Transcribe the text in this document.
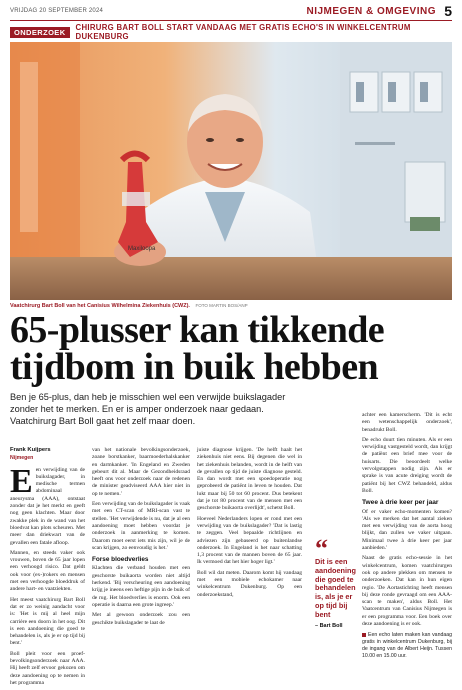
VRIJDAG 20 SEPTEMBER 2024	NIJMEGEN & OMGEVING 5
ONDERZOEK	CHIRURG BART BOLL START VANDAAG MET GRATIS ECHO'S IN WINKELCENTRUM DUKENBURG
Maxiloopa
Vaatchirurg Bart Boll van het Canisius Wilhelmina Ziekenhuis (CWZ). FOTO MARTIN BOS/ANP
65-plusser kan tikkende tijdbom in buik hebben
Ben je 65-plus, dan heb je misschien wel een verwijde buikslagader zonder het te merken. En er is amper onderzoek naar gedaan. Vaatchirurg Bart Boll gaat het zelf maar doen.
Frank Kuijpers
Nijmegen

Een verwijding van de buikslagader, in medische termen abdominaal aneurysma (AAA), ontstaat zonder dat je het merkt en geeft nog geen klachten. Maar door zwakke plek in de wand van het bloedvat kan plots scheuren. Met meer dan driekwart van de gevallen een fatale afloop.

Mannen, en steeds vaker ook vrouwen, boven de 65 jaar lopen een verhoogd risico. Dat geldt ook voor (ex-)rokers en mensen met een verhoogde bloeddruk of andere hart- en vaatziekten.

Het meest vaatchirurg Bart Boll dat er zo weinig aandacht voor is: 'Het is mij al heel mijn carrière een doorn in het oog. Dit is een aandoening die goed te behandelen is, als je er op tijd bij bent.'

Boll pleit voor een proef-bevolkingsonderzoek naar AAA. Hij heeft zelf ervoor gekozen om deze aandoening op te nemen in het programma

van het nationale bevolkingsonderzoek, zoane borstkanker, baarmoederhalskanker en darmkanker. 'In Engeland en Zweden gebeurt dit al. Maar de Gezondheidsraad heeft ons voor onderzoek naar de redenen de minister geadviseerd AAA hier niet in op te nemen.'

Een verwijding van de buikslagader is vaak met een CT-scan of MRI-scan vast te stellen. 'Het verwijdende is nu, dat je al een aandoening moet hebben voordat je onderzoek in aanmerking te komen. Daarom moet eerst iets mis zijn, wil je de scan krijgen, zo eenvoudig is het.'

Forse bloedverlies

Klachten die verband houden met een geschorste buikaorta worden niet altijd herkend. 'Bij verscheuring een aandoening krijg je ineens een heftige pijn in de buik of de rug. Het bloedverlies is enorm. Ook een operatie is daarna een grote ingreep.'

Met al gewoon onderzoek zou een geschikte buikslagader te laat de

juiste diagnose krijgen. 'De helft haalt het ziekenhuis niet eens. Bij degenen die wel in het ziekenhuis belanden, wordt in de helft van de gevallen op tijd de juiste diagnose gesteld. En dan wordt met een spoedoperatie nog geprobeerd de patiënt in leven te houden. Dat lukt maar bij 50 tot 60 procent. Dus betekent dat je tot 80 procent van de mensen met een geschorste buikaorta overlijdt', schetst Boll.

Hoeveel Nederlanders lopen er rond met een verwijding van de buikslagader? 'Dat is lastig te zeggen. Veel bepaalde richtlijnen en adviezen zijn gebaseerd op buitenlandse onderzoek. In Engeland is het naar schatting 1,3 procent van de mannen boven de 65 jaar. Ik vermoed dat het hier hoger ligt.'

Boll wil dat meten. Daarom komt hij vandaag met een mobiele echokamer naar winkelcentrum Dukenburg. Op een onderzoekstand,

“
Dit is een aandoening die goed te behandelen is, als je er op tijd bij bent
– Bart Boll

achter een kamerscherm. 'Dit is echt een wetenschappelijk onderzoek', benadrukt Boll.

De echo duurt tien minuten. Als er een verwijding vastgesteld wordt, dan krijgt de patiënt een brief mee voor de huisarts. Die beoordeelt welke vervolgstappen nodig zijn. Als er sprake is van acute dreiging wordt de patiënt bij het CWZ behandeld, aldus Boll.

Twee à drie keer per jaar

Of er vaker echo-momenten komen? 'Als we merken dat het aantal zieken met een verwijding van de aorta hoog blijkt, dan zullen we vaker uitgaan. Minimaal twee à drie keer per jaar aanbieden.'

Naast de gratis echo-sessie in het winkelcentrum, komen vaatchirurgen ook op andere plekken om mensen te onderzoeken. Dat kan in hun eigen regio. 'De Aortastichting heeft mensen bij deze ronde gevraagd om een AAA-scan te maken', aldus Boll. Het Vaatcentrum van Canisius Nijmegen is er een programma voor. Een boek over deze aandoening is er ook.

Een echo laten maken kan vandaag gratis in winkelcentrum Dukenburg, bij de ingang van de Albert Heijn. Tussen 10.00 en 15.00 uur.
